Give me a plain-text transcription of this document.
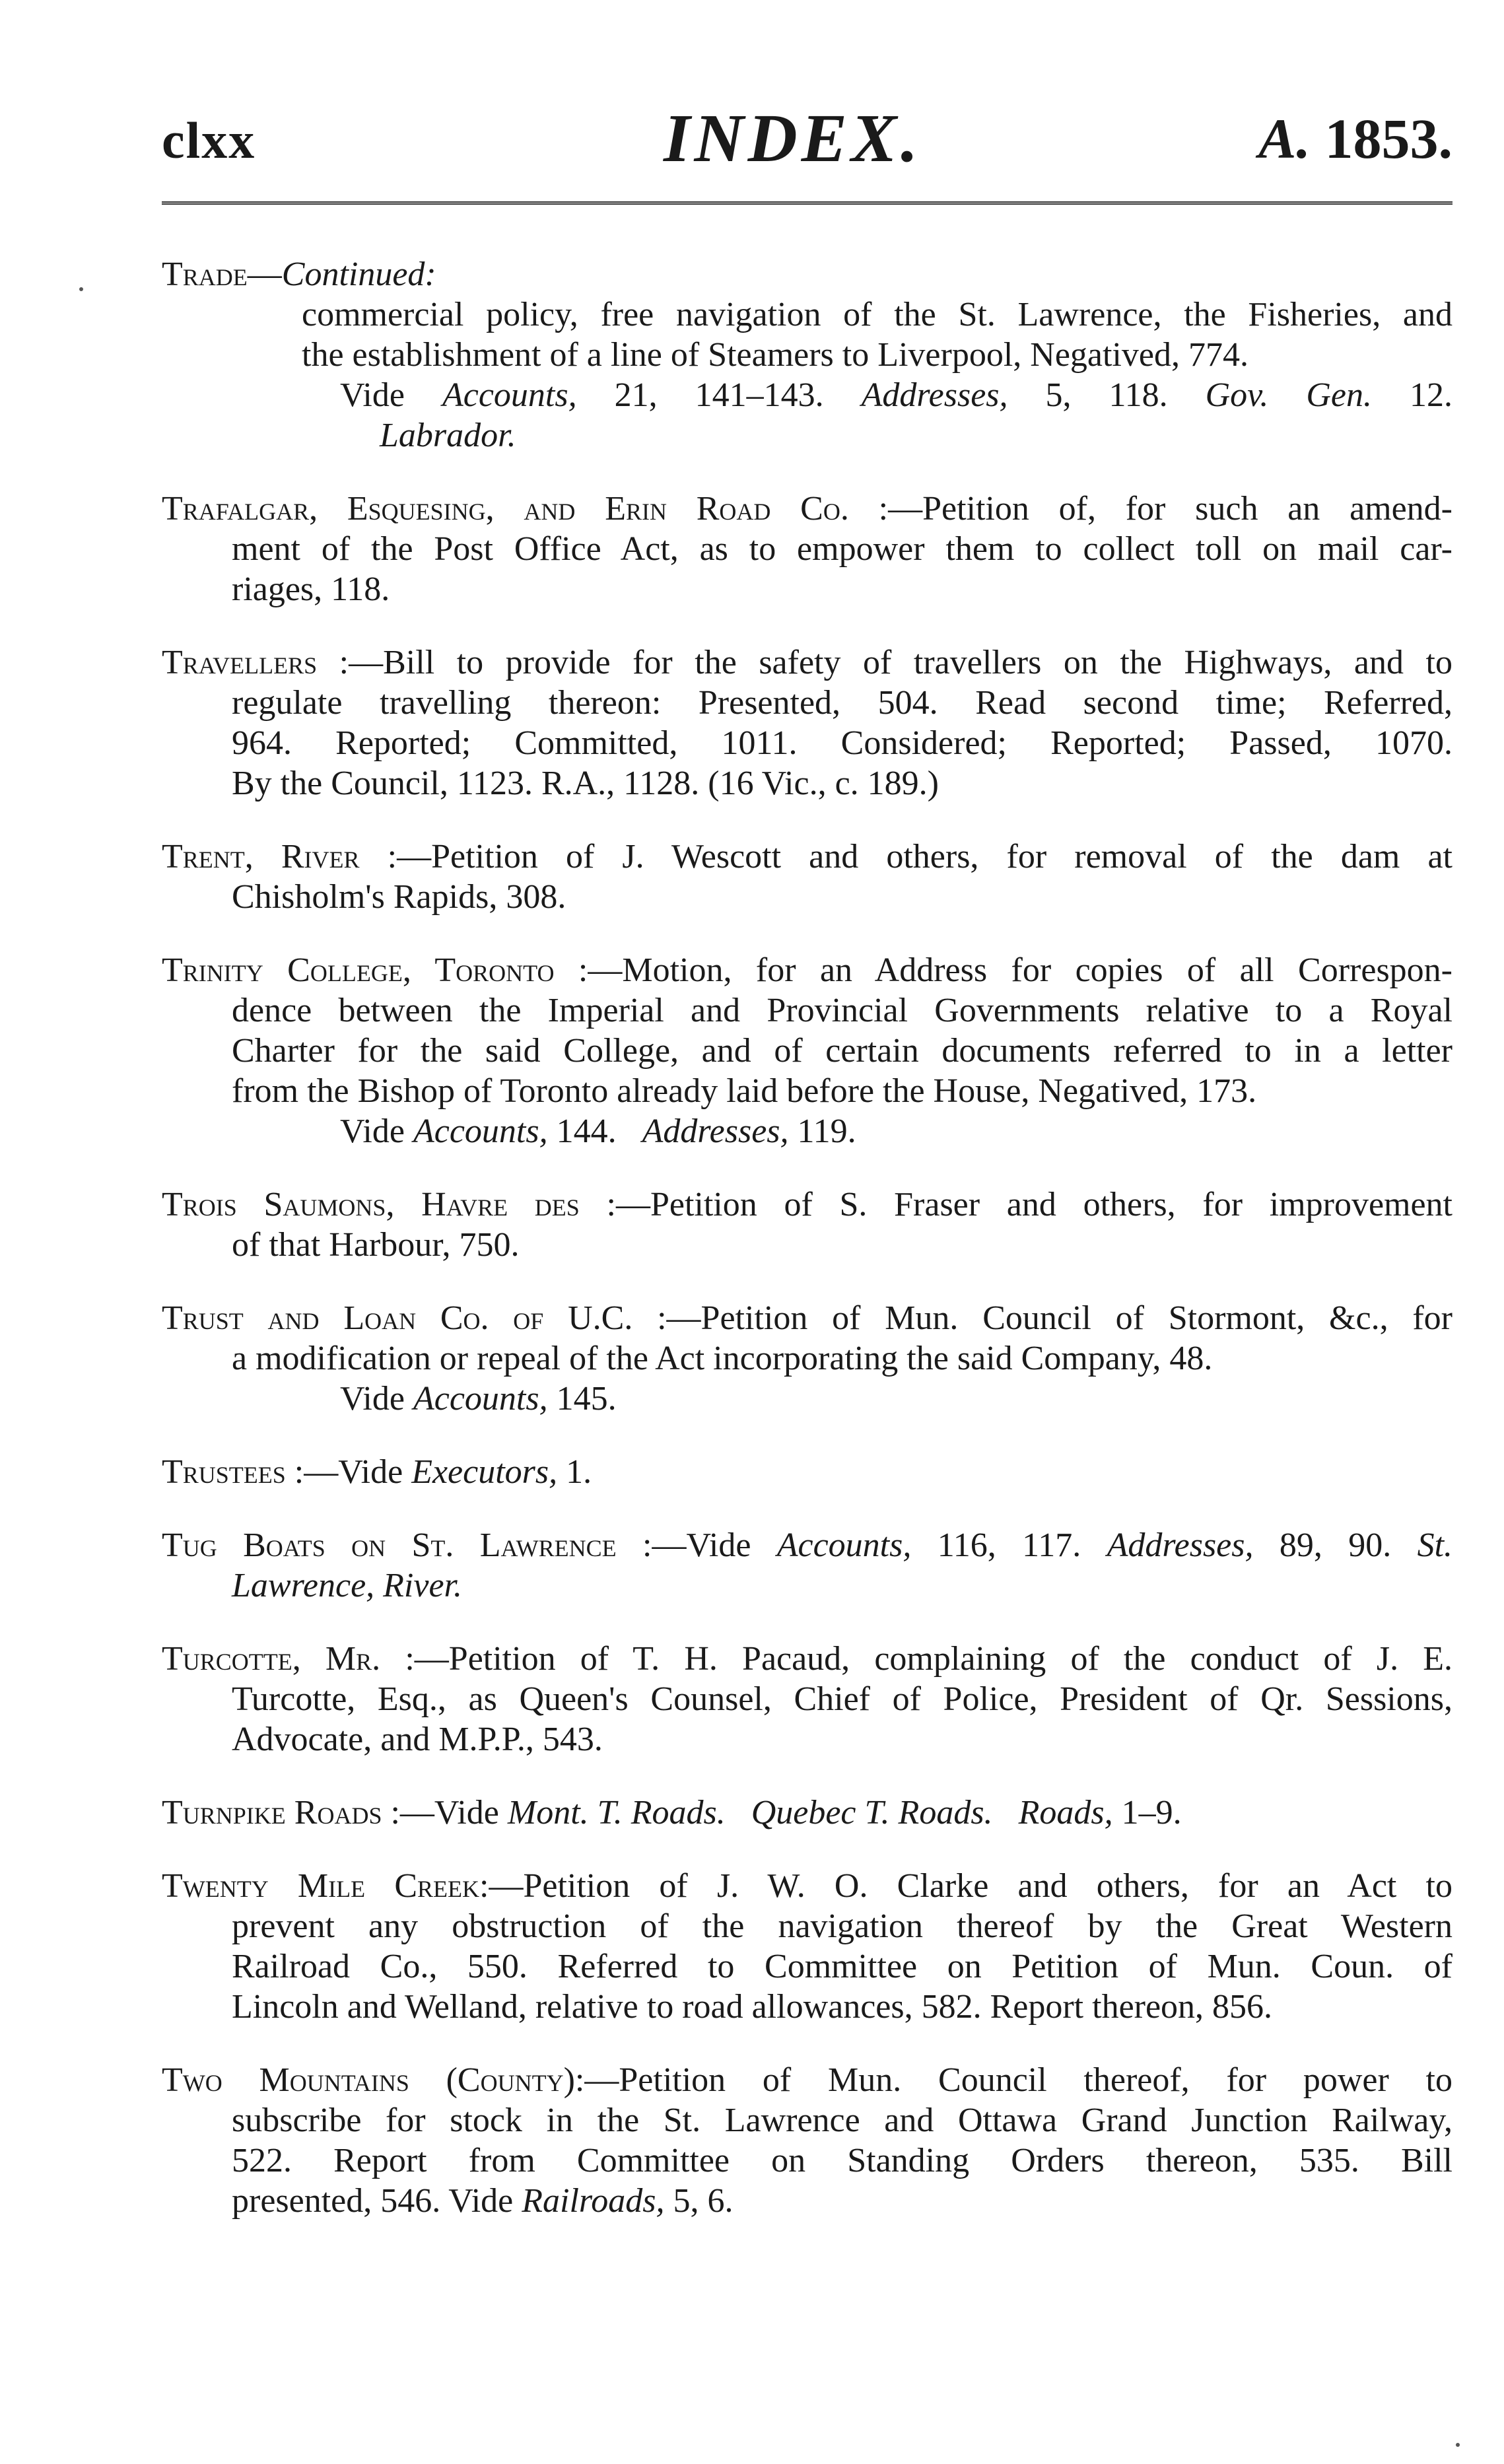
clxx	INDEX.	A. 1853.

Trade—Continued:

commercial policy, free navigation of the St. Lawrence, the Fisheries, and

the establishment of a line of Steamers to Liverpool, Negatived, 774.

Vide Accounts, 21, 141–143. Addresses, 5, 118. Gov. Gen. 12.

Labrador.

Trafalgar, Esquesing, and Erin Road Co. :—Petition of, for such an amend-

ment of the Post Office Act, as to empower them to collect toll on mail car-

riages, 118.

Travellers :—Bill to provide for the safety of travellers on the Highways, and to

regulate travelling thereon: Presented, 504. Read second time; Referred,

964. Reported; Committed, 1011. Considered; Reported; Passed, 1070.

By the Council, 1123. R.A., 1128. (16 Vic., c. 189.)

Trent, River :—Petition of J. Wescott and others, for removal of the dam at

Chisholm's Rapids, 308.

Trinity College, Toronto :—Motion, for an Address for copies of all Correspon-

dence between the Imperial and Provincial Governments relative to a Royal

Charter for the said College, and of certain documents referred to in a letter

from the Bishop of Toronto already laid before the House, Negatived, 173.

Vide Accounts, 144. Addresses, 119.

Trois Saumons, Havre des :—Petition of S. Fraser and others, for improvement

of that Harbour, 750.

Trust and Loan Co. of U.C. :—Petition of Mun. Council of Stormont, &c., for

a modification or repeal of the Act incorporating the said Company, 48.

Vide Accounts, 145.

Trustees :—Vide Executors, 1.

Tug Boats on St. Lawrence :—Vide Accounts, 116, 117. Addresses, 89, 90. St.

Lawrence, River.

Turcotte, Mr. :—Petition of T. H. Pacaud, complaining of the conduct of J. E.

Turcotte, Esq., as Queen's Counsel, Chief of Police, President of Qr. Sessions,

Advocate, and M.P.P., 543.

Turnpike Roads :—Vide Mont. T. Roads. Quebec T. Roads. Roads, 1–9.

Twenty Mile Creek:—Petition of J. W. O. Clarke and others, for an Act to

prevent any obstruction of the navigation thereof by the Great Western

Railroad Co., 550. Referred to Committee on Petition of Mun. Coun. of

Lincoln and Welland, relative to road allowances, 582. Report thereon, 856.

Two Mountains (County):—Petition of Mun. Council thereof, for power to

subscribe for stock in the St. Lawrence and Ottawa Grand Junction Railway,

522. Report from Committee on Standing Orders thereon, 535. Bill

presented, 546. Vide Railroads, 5, 6.
